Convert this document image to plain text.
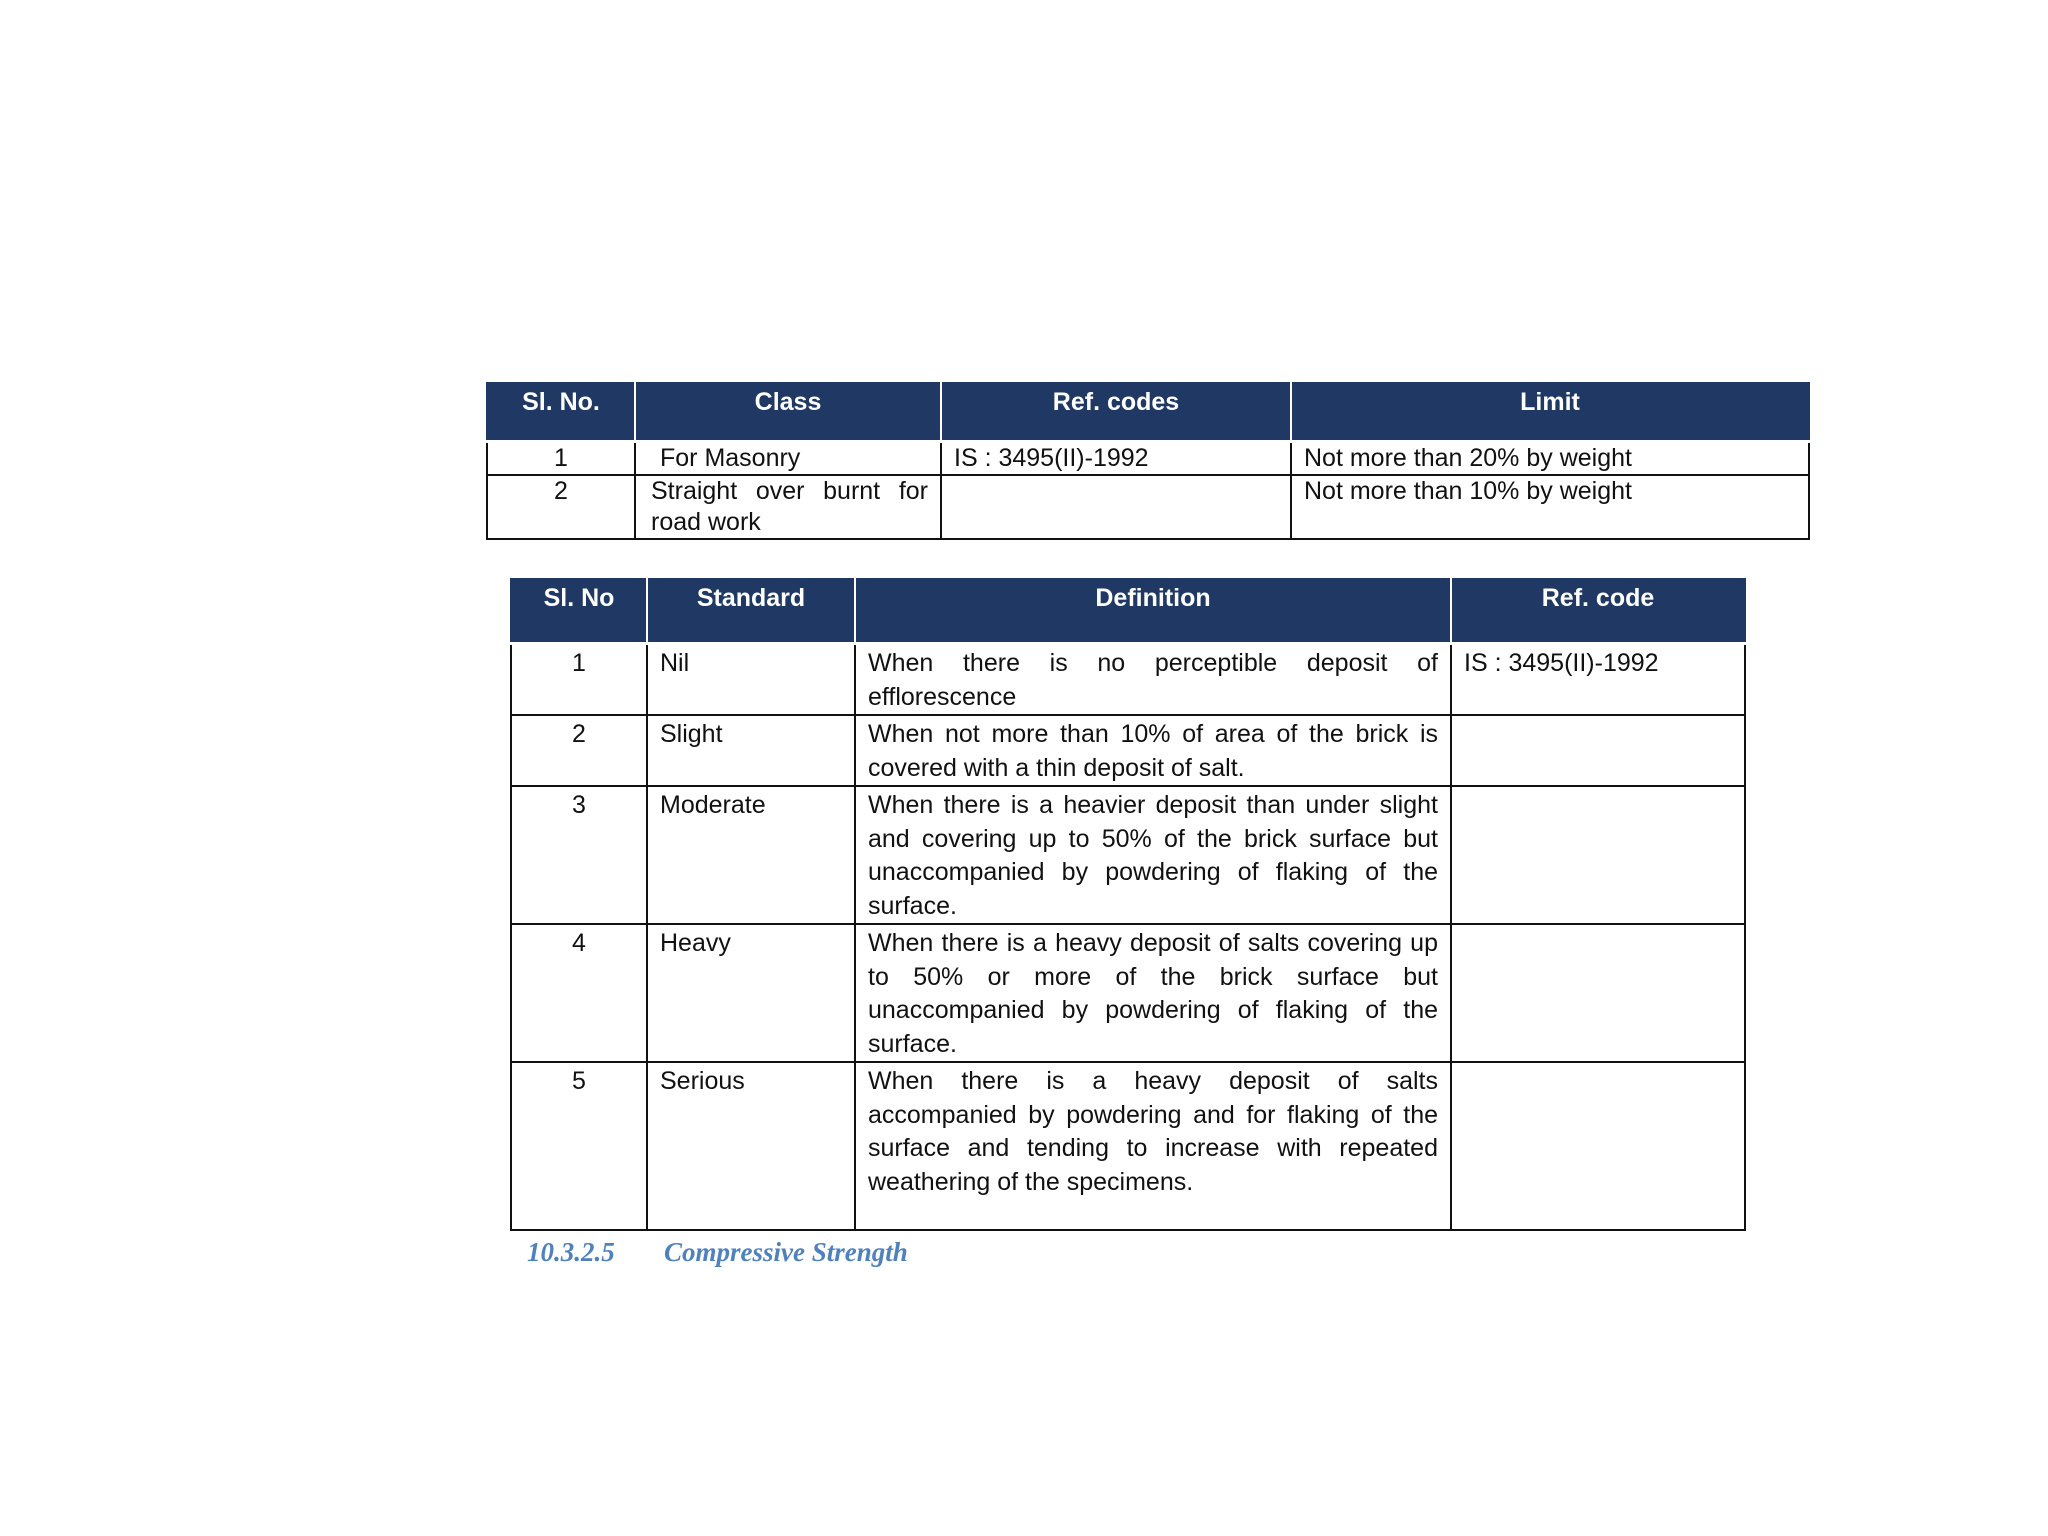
Sl. No.	Class	Ref. codes	Limit
1	For Masonry	IS : 3495(II)-1992	Not more than 20% by weight
2	Straight over burnt for road work		Not more than 10% by weight
Sl. No	Standard	Definition	Ref. code
1	Nil	When there is no perceptible deposit of efflorescence	IS : 3495(II)-1992
2	Slight	When not more than 10% of area of the brick is covered with a thin deposit of salt.	
3	Moderate	When there is a heavier deposit than under slight and covering up to 50% of the brick surface but unaccompanied by powdering of flaking of the surface.	
4	Heavy	When there is a heavy deposit of salts covering up to 50% or more of the brick surface but unaccompanied by powdering of flaking of the surface.	
5	Serious	When there is a heavy deposit of salts accompanied by powdering and for flaking of the surface and tending to increase with repeated weathering of the specimens.	
10.3.2.5 Compressive Strength
